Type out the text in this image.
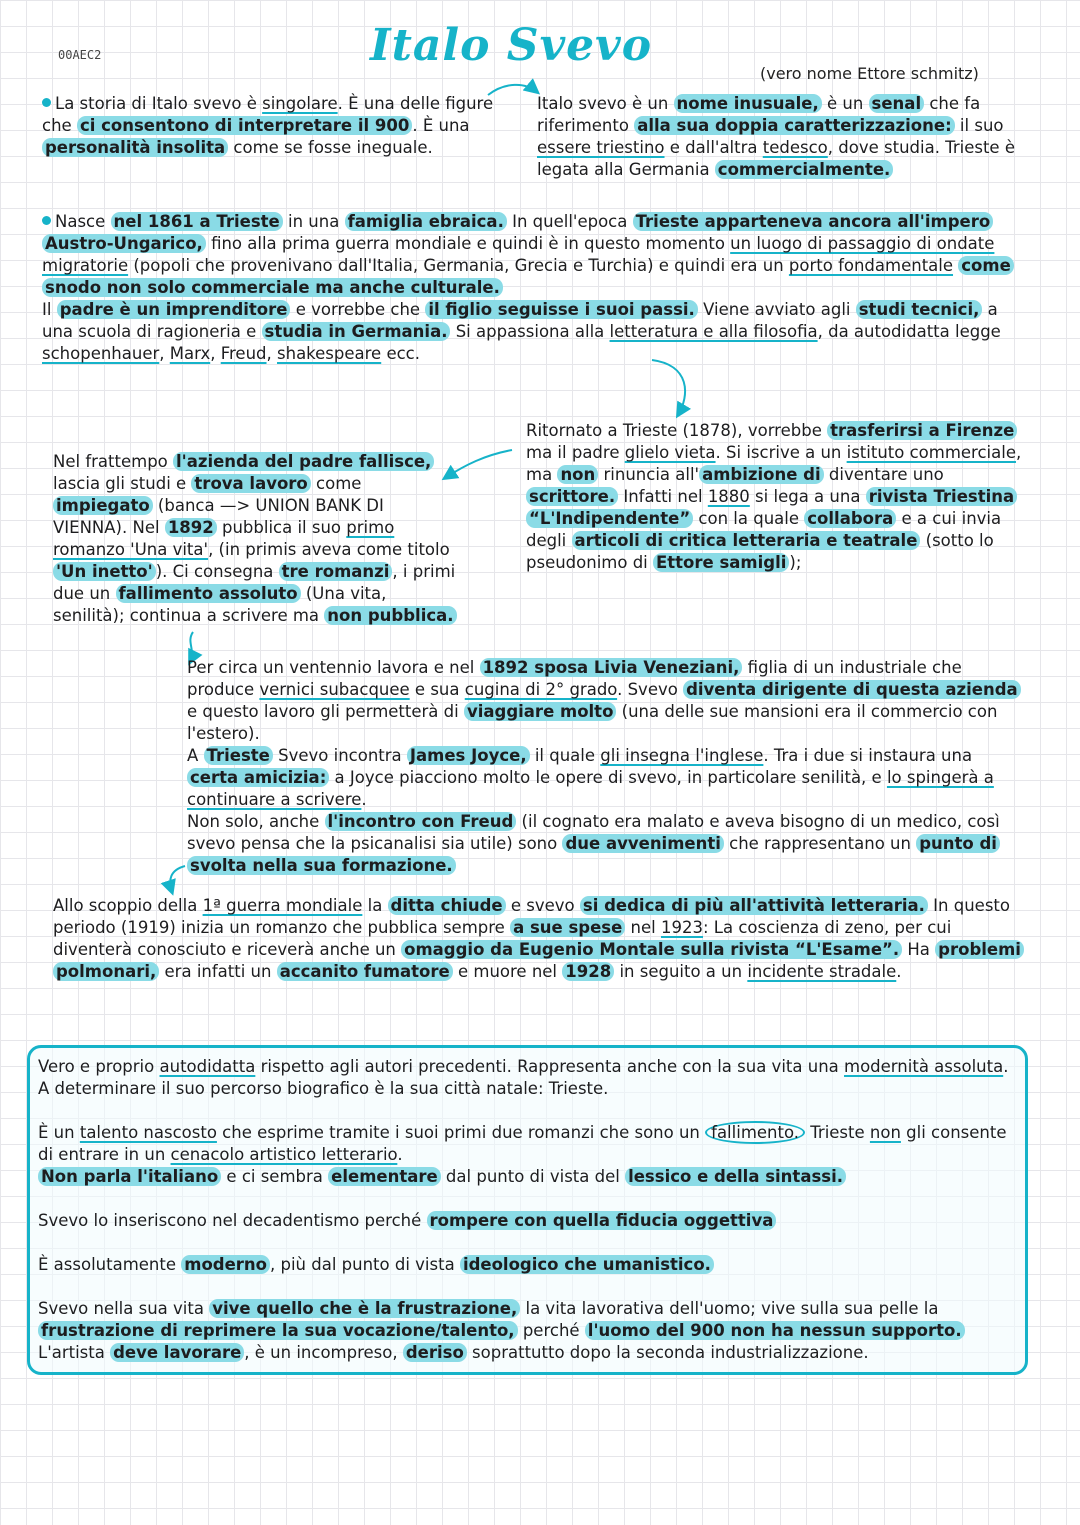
00AEC2	Italo Svevo
(vero nome Ettore schmitz)

La storia di Italo svevo è singolare. È una delle figure che ci consentono di interpretare il 900 . È una personalità insolita come se fosse ineguale.

Italo svevo è un nome inusuale, è un senal che fa riferimento alla sua doppia caratterizzazione: il suo essere triestino e dall'altra tedesco, dove studia. Trieste è legata alla Germania commercialmente.

Nasce nel 1861 a Trieste in una famiglia ebraica. In quell'epoca Trieste apparteneva ancora all'impero Austro-Ungarico, fino alla prima guerra mondiale e quindi è in questo momento un luogo di passaggio di ondate migratorie (popoli che provenivano dall'Italia, Germania, Grecia e Turchia) e quindi era un porto fondamentale come snodo non solo commerciale ma anche culturale.
Il padre è un imprenditore e vorrebbe che il figlio seguisse i suoi passi. Viene avviato agli studi tecnici, a una scuola di ragioneria e studia in Germania. Si appassiona alla letteratura e alla filosofia, da autodidatta legge schopenhauer, Marx, Freud, shakespeare ecc.

Ritornato a Trieste (1878), vorrebbe trasferirsi a Firenze ma il padre glielo vieta. Si iscrive a un istituto commerciale, ma non rinuncia all' ambizione di diventare uno scrittore. Infatti nel 1880 si lega a una rivista Triestina “L'Indipendente” con la quale collabora e a cui invia degli articoli di critica letteraria e teatrale (sotto lo pseudonimo di Ettore samigli );

Nel frattempo l'azienda del padre fallisce, lascia gli studi e trova lavoro come impiegato (banca —> UNION BANK DI VIENNA). Nel 1892 pubblica il suo primo romanzo 'Una vita', (in primis aveva come titolo 'Un inetto' ). Ci consegna tre romanzi , i primi due un fallimento assoluto (Una vita, senilità); continua a scrivere ma non pubblica.

Per circa un ventennio lavora e nel 1892 sposa Livia Veneziani, figlia di un industriale che produce vernici subacquee e sua cugina di 2° grado. Svevo diventa dirigente di questa azienda e questo lavoro gli permetterà di viaggiare molto (una delle sue mansioni era il commercio con l'estero).
A Trieste Svevo incontra James Joyce, il quale gli insegna l'inglese. Tra i due si instaura una certa amicizia: a Joyce piacciono molto le opere di svevo, in particolare senilità, e lo spingerà a continuare a scrivere.
Non solo, anche l'incontro con Freud (il cognato era malato e aveva bisogno di un medico, così svevo pensa che la psicanalisi sia utile) sono due avvenimenti che rappresentano un punto di svolta nella sua formazione.

Allo scoppio della 1ª guerra mondiale la ditta chiude e svevo si dedica di più all'attività letteraria. In questo periodo (1919) inizia un romanzo che pubblica sempre a sue spese nel 1923: La coscienza di zeno, per cui diventerà conosciuto e riceverà anche un omaggio da Eugenio Montale sulla rivista “L'Esame”. Ha problemi polmonari, era infatti un accanito fumatore e muore nel 1928 in seguito a un incidente stradale.

Vero e proprio autodidatta rispetto agli autori precedenti. Rappresenta anche con la sua vita una modernità assoluta. A determinare il suo percorso biografico è la sua città natale: Trieste.

È un talento nascosto che esprime tramite i suoi primi due romanzi che sono un fallimento. Trieste non gli consente di entrare in un cenacolo artistico letterario.
Non parla l'italiano e ci sembra elementare dal punto di vista del lessico e della sintassi.

Svevo lo inseriscono nel decadentismo perché rompere con quella fiducia oggettiva

È assolutamente moderno , più dal punto di vista ideologico che umanistico.

Svevo nella sua vita vive quello che è la frustrazione, la vita lavorativa dell'uomo; vive sulla sua pelle la frustrazione di reprimere la sua vocazione/talento, perché l'uomo del 900 non ha nessun supporto. L'artista deve lavorare , è un incompreso, deriso soprattutto dopo la seconda industrializzazione.
